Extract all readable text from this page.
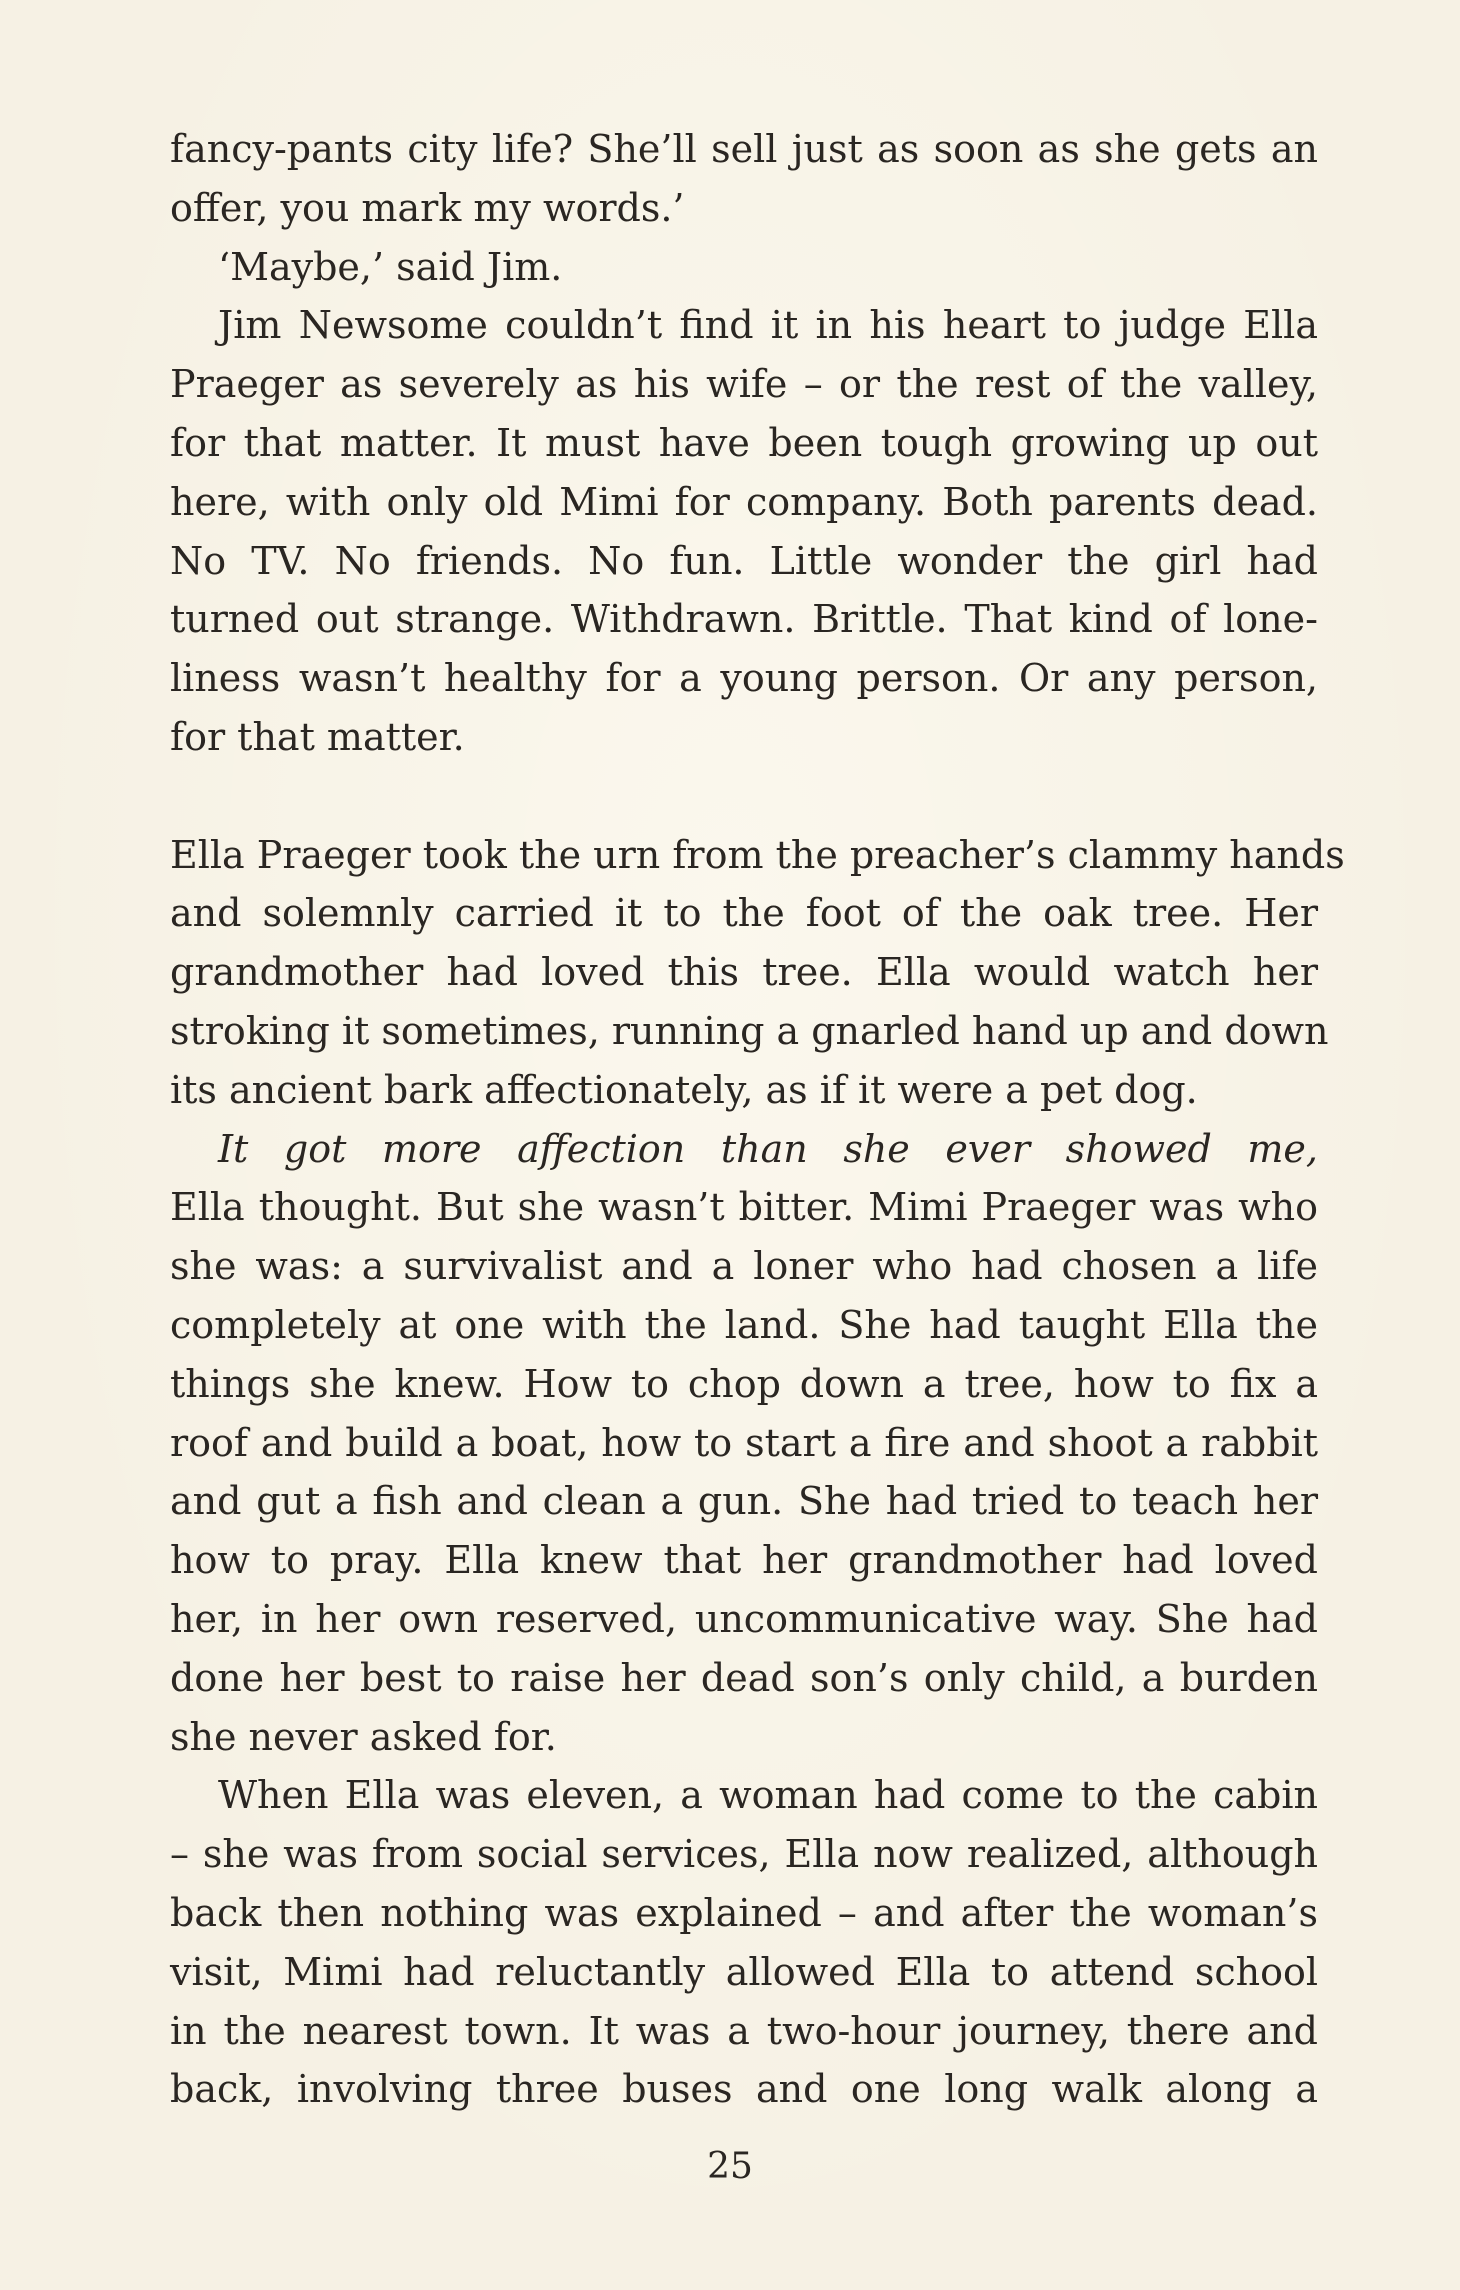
fancy-pants city life? She’ll sell just as soon as she gets an
offer, you mark my words.’
‘Maybe,’ said Jim.
Jim Newsome couldn’t find it in his heart to judge Ella
Praeger as severely as his wife – or the rest of the valley,
for that matter. It must have been tough growing up out
here, with only old Mimi for company. Both parents dead.
No TV. No friends. No fun. Little wonder the girl had
turned out strange. Withdrawn. Brittle. That kind of lone-
liness wasn’t healthy for a young person. Or any person,
for that matter.
Ella Praeger took the urn from the preacher’s clammy hands
and solemnly carried it to the foot of the oak tree. Her
grandmother had loved this tree. Ella would watch her
stroking it sometimes, running a gnarled hand up and down
its ancient bark affectionately, as if it were a pet dog.
It got more affection than she ever showed me,
Ella thought. But she wasn’t bitter. Mimi Praeger was who
she was: a survivalist and a loner who had chosen a life
completely at one with the land. She had taught Ella the
things she knew. How to chop down a tree, how to fix a
roof and build a boat, how to start a fire and shoot a rabbit
and gut a fish and clean a gun. She had tried to teach her
how to pray. Ella knew that her grandmother had loved
her, in her own reserved, uncommunicative way. She had
done her best to raise her dead son’s only child, a burden
she never asked for.
When Ella was eleven, a woman had come to the cabin
– she was from social services, Ella now realized, although
back then nothing was explained – and after the woman’s
visit, Mimi had reluctantly allowed Ella to attend school
in the nearest town. It was a two-hour journey, there and
back, involving three buses and one long walk along a
25
